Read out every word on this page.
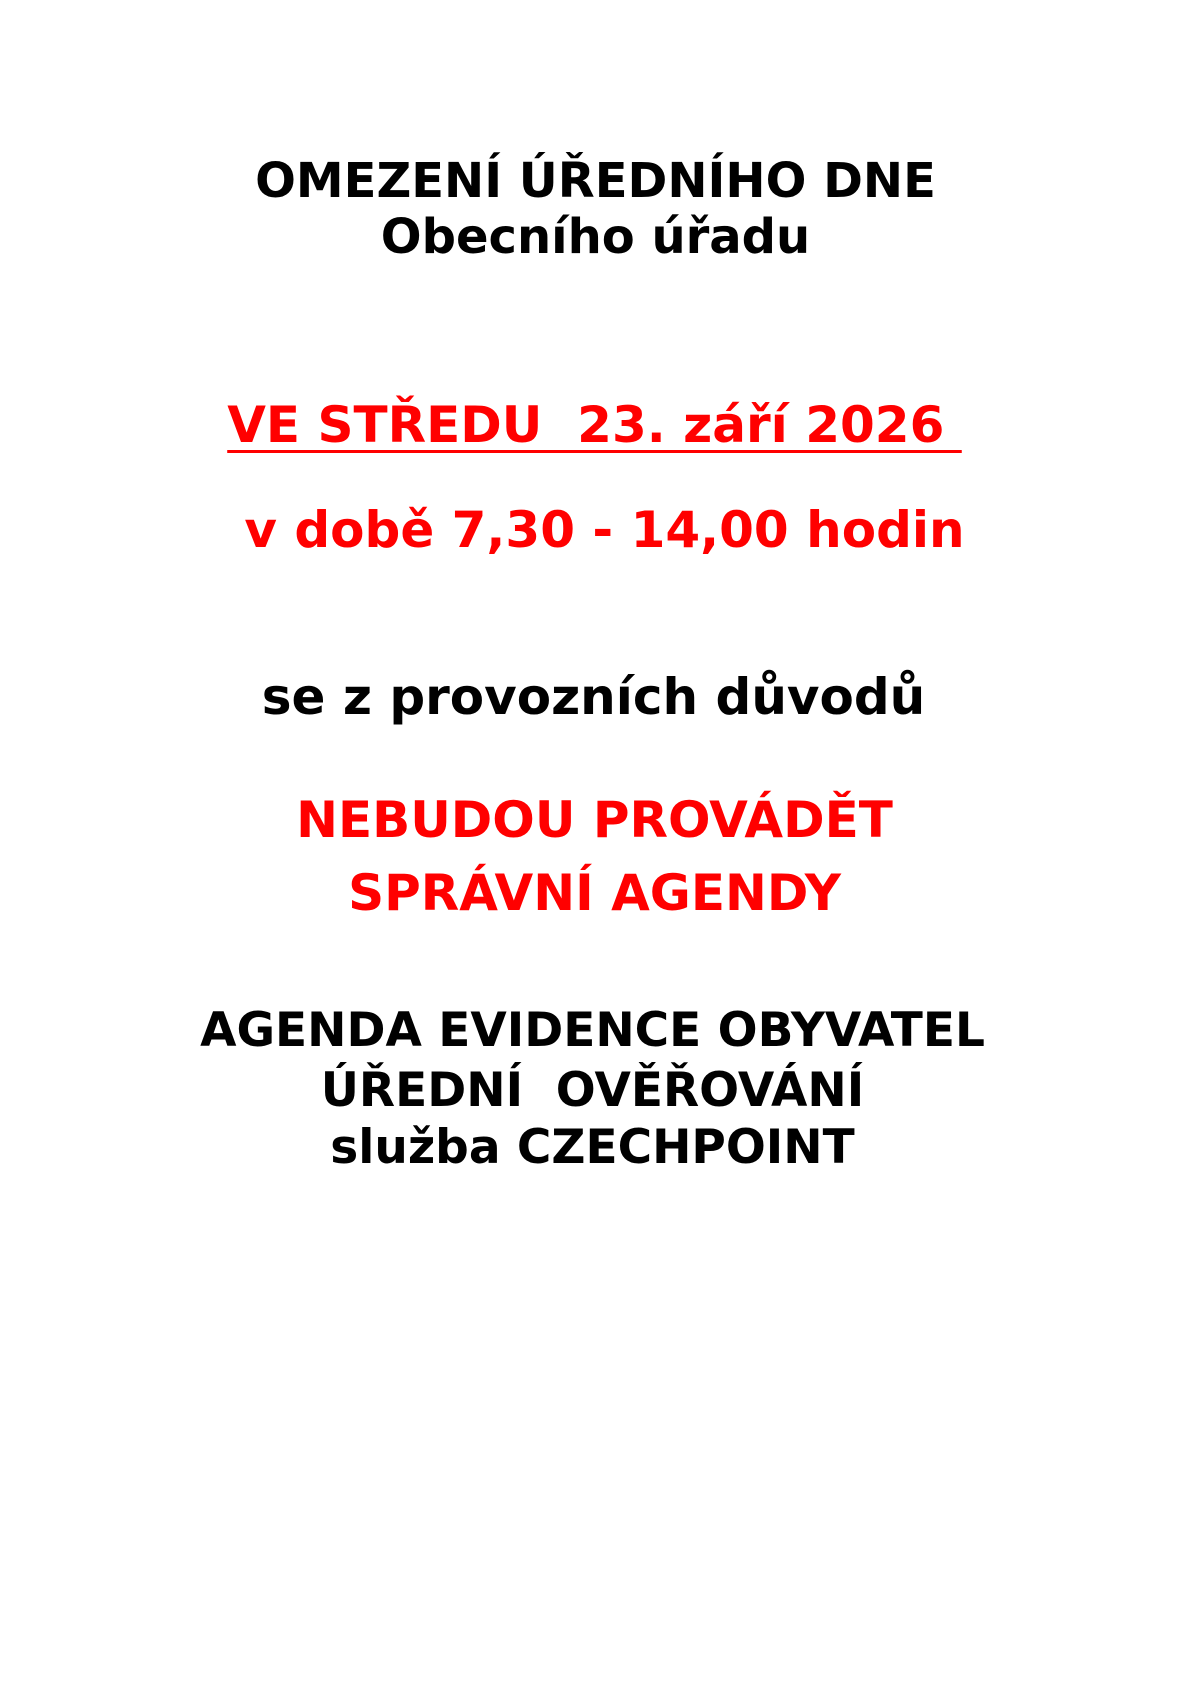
OMEZENÍ ÚŘEDNÍHO DNE
Obecního úřadu
VE STŘEDU  23. září 2026
v době 7,30 - 14,00 hodin
se z provozních důvodů
NEBUDOU PROVÁDĚT
SPRÁVNÍ AGENDY
AGENDA EVIDENCE OBYVATEL
ÚŘEDNÍ  OVĚŘOVÁNÍ
služba CZECHPOINT
